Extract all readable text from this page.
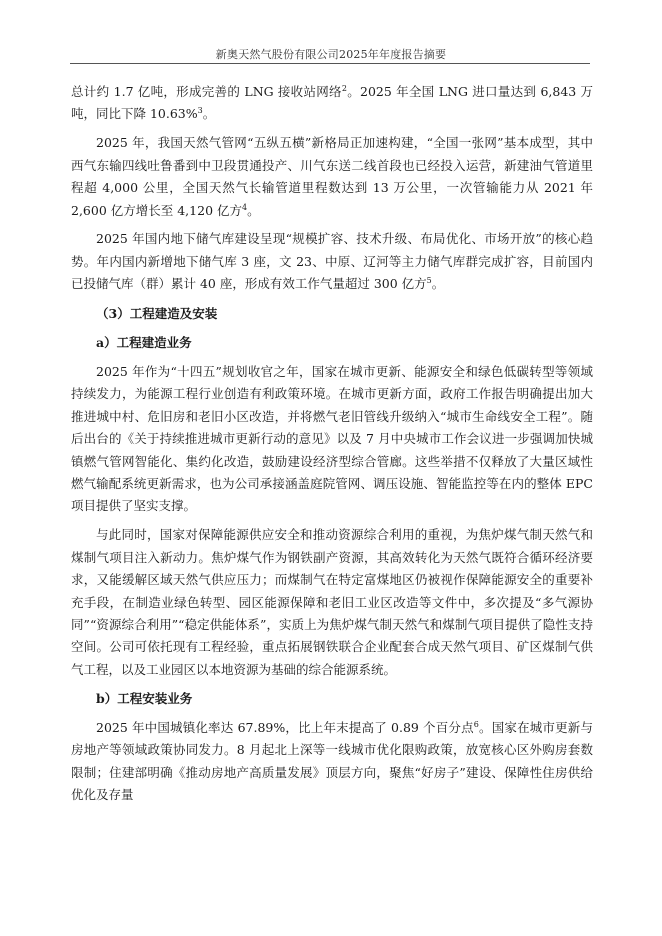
新奥天然气股份有限公司2025年年度报告摘要

总计约 1.7 亿吨，形成完善的 LNG 接收站网络$^2$。2025 年全国 LNG 进口量达到 6,843 万吨，同比下降 10.63%$^3$。

2025 年，我国天然气管网“五纵五横”新格局正加速构建，“全国一张网”基本成型，其中西气东输四线吐鲁番到中卫段贯通投产、川气东送二线首段也已经投入运营，新建油气管道里程超 4,000 公里，全国天然气长输管道里程数达到 13 万公里，一次管输能力从 2021 年 2,600 亿方增长至 4,120 亿方$^4$。

2025 年国内地下储气库建设呈现“规模扩容、技术升级、布局优化、市场开放”的核心趋势。年内国内新增地下储气库 3 座，文 23、中原、辽河等主力储气库群完成扩容，目前国内已投储气库（群）累计 40 座，形成有效工作气量超过 300 亿方$^5$。

（3）工程建造及安装
a）工程建造业务

2025 年作为“十四五”规划收官之年，国家在城市更新、能源安全和绿色低碳转型等领域持续发力，为能源工程行业创造有利政策环境。在城市更新方面，政府工作报告明确提出加大推进城中村、危旧房和老旧小区改造，并将燃气老旧管线升级纳入“城市生命线安全工程”。随后出台的《关于持续推进城市更新行动的意见》以及 7 月中央城市工作会议进一步强调加快城镇燃气管网智能化、集约化改造，鼓励建设经济型综合管廊。这些举措不仅释放了大量区域性燃气输配系统更新需求，也为公司承接涵盖庭院管网、调压设施、智能监控等在内的整体 EPC 项目提供了坚实支撑。

与此同时，国家对保障能源供应安全和推动资源综合利用的重视，为焦炉煤气制天然气和煤制气项目注入新动力。焦炉煤气作为钢铁副产资源，其高效转化为天然气既符合循环经济要求，又能缓解区域天然气供应压力；而煤制气在特定富煤地区仍被视作保障能源安全的重要补充手段，在制造业绿色转型、园区能源保障和老旧工业区改造等文件中，多次提及“多气源协同”“资源综合利用”“稳定供能体系”，实质上为焦炉煤气制天然气和煤制气项目提供了隐性支持空间。公司可依托现有工程经验，重点拓展钢铁联合企业配套合成天然气项目、矿区煤制气供气工程，以及工业园区以本地资源为基础的综合能源系统。

b）工程安装业务

2025 年中国城镇化率达 67.89%，比上年末提高了 0.89 个百分点$^6$。国家在城市更新与房地产等领域政策协同发力。8 月起北上深等一线城市优化限购政策，放宽核心区外购房套数限制；住建部明确《推动房地产高质量发展》顶层方向，聚焦“好房子”建设、保障性住房供给优化及存量
